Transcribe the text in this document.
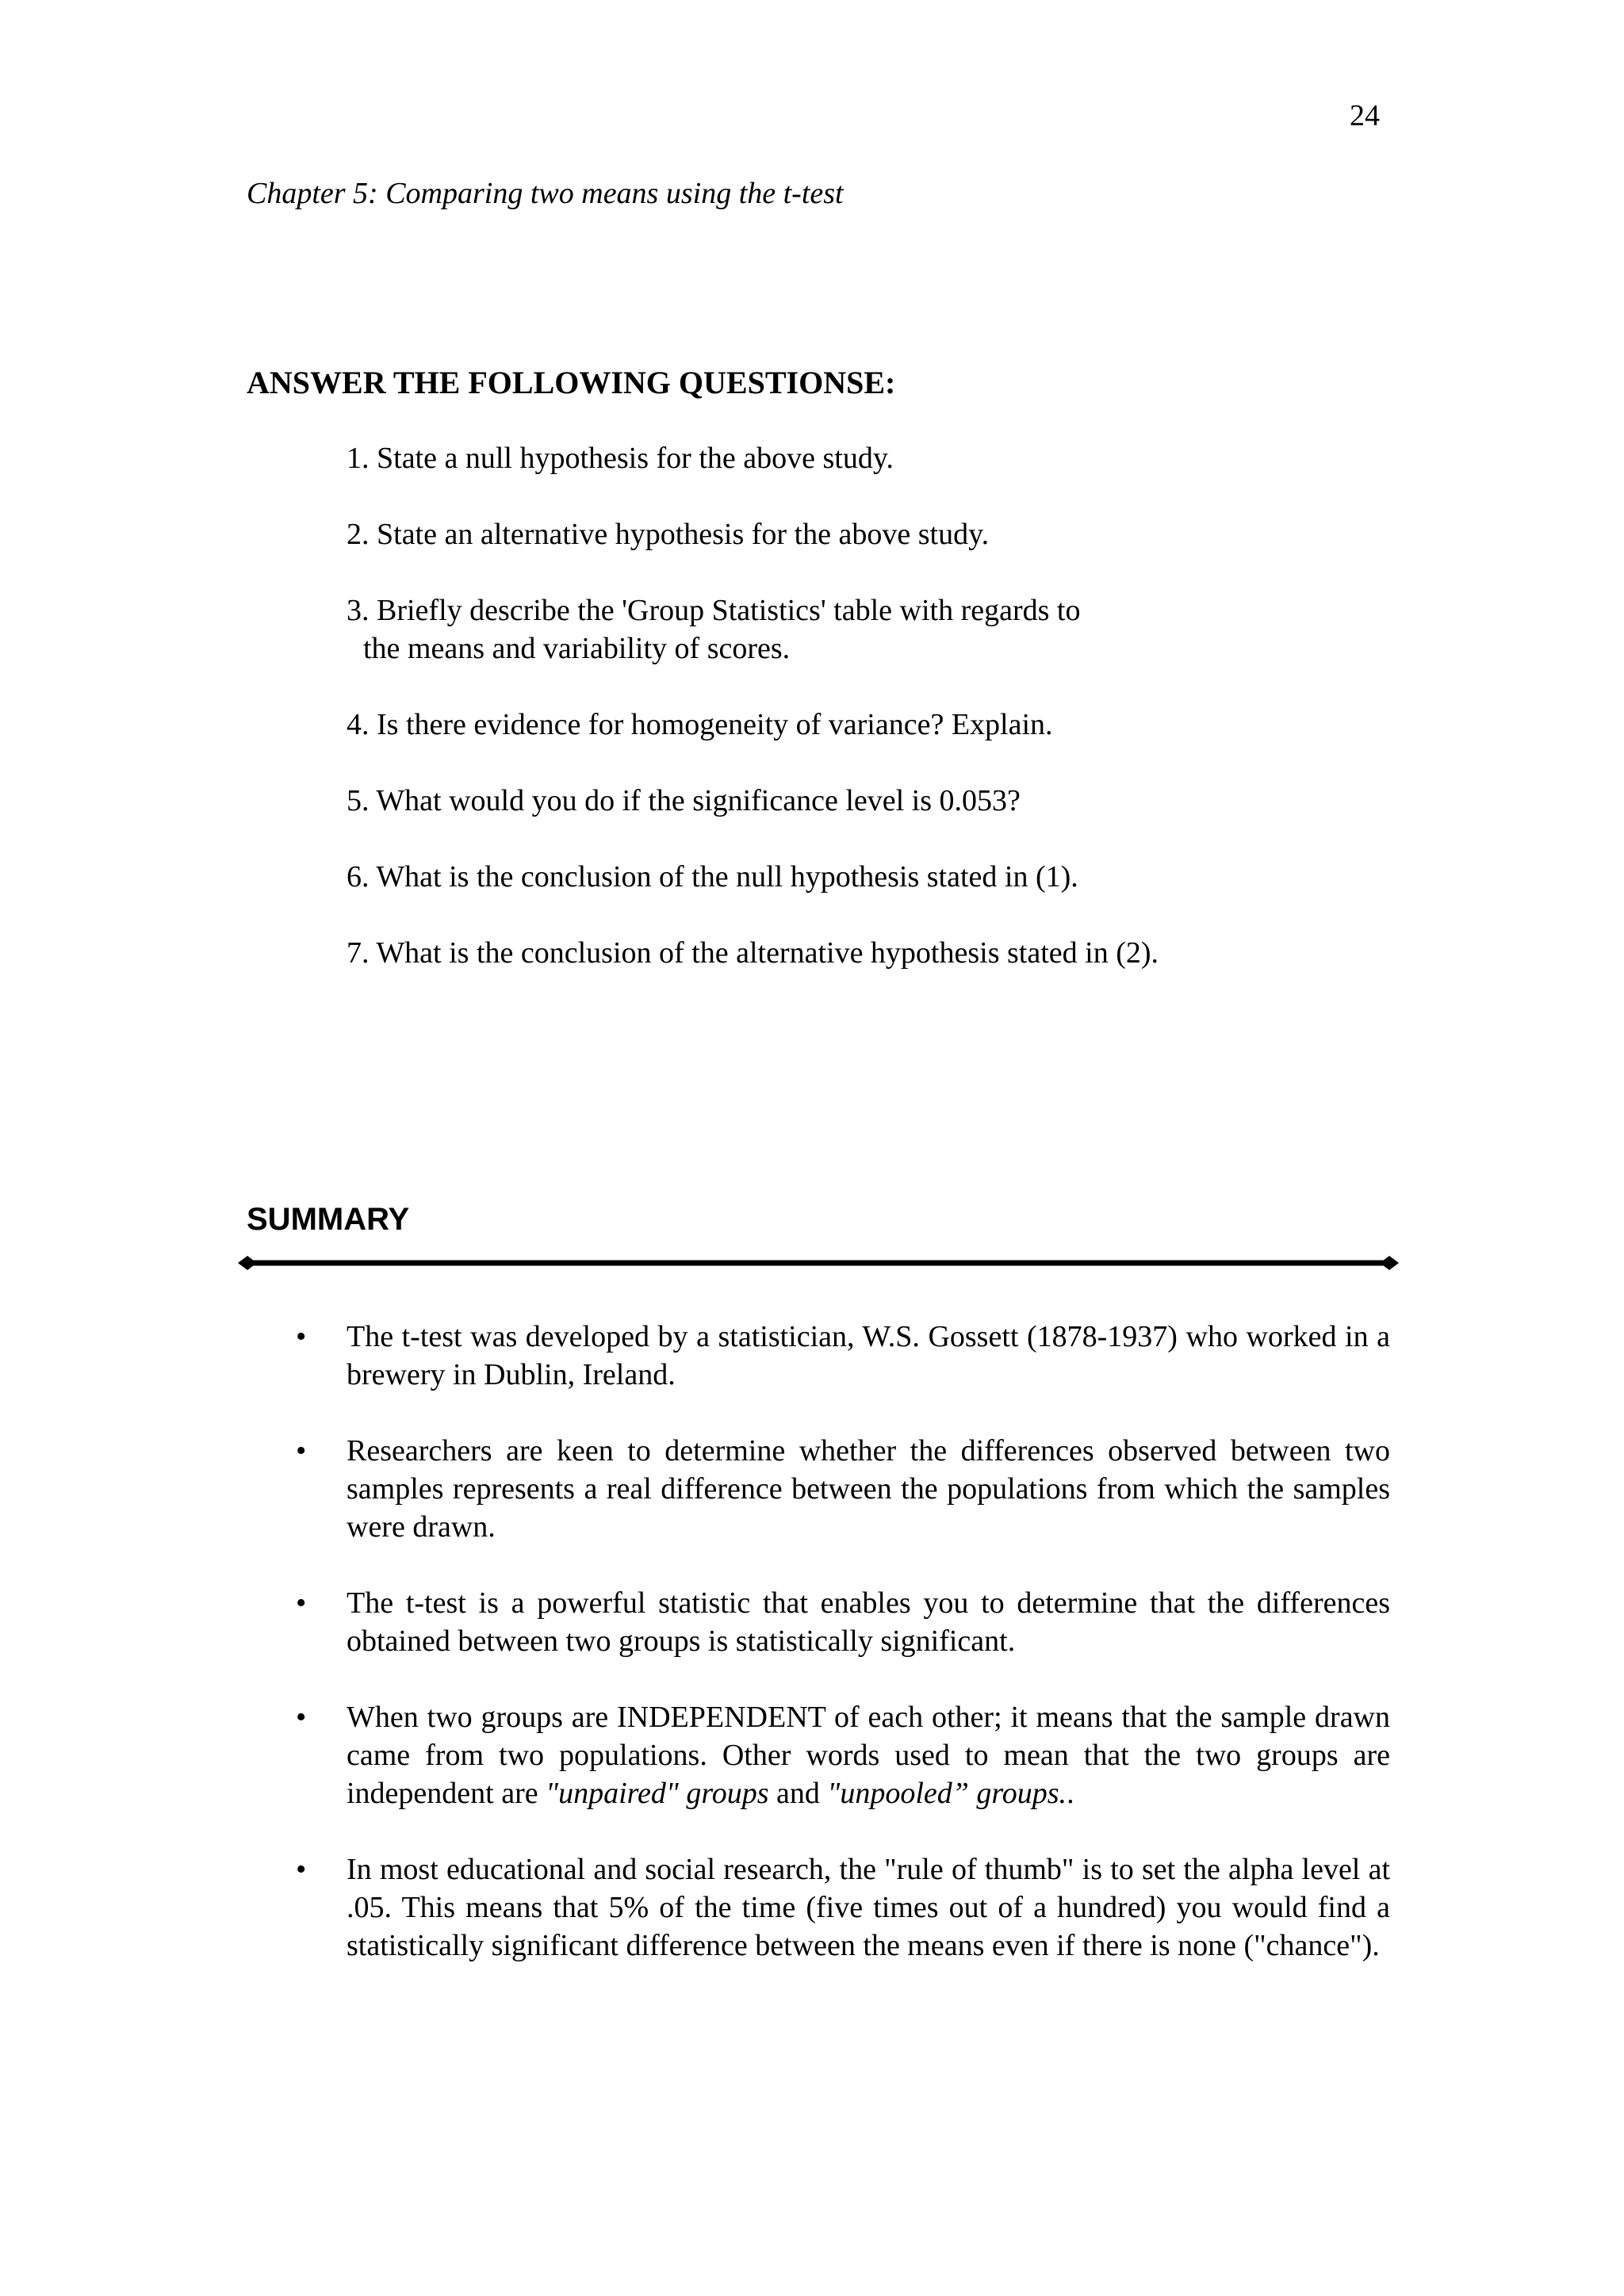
24
Chapter 5: Comparing two means using the t-test
ANSWER THE FOLLOWING QUESTIONSE:
1. State a null hypothesis for the above study.
2. State an alternative hypothesis for the above study.
3. Briefly describe the 'Group Statistics' table with regards to
the means and variability of scores.
4. Is there evidence for homogeneity of variance? Explain.
5. What would you do if the significance level is 0.053?
6. What is the conclusion of the null hypothesis stated in (1).
7. What is the conclusion of the alternative hypothesis stated in (2).
SUMMARY
• The t-test was developed by a statistician, W.S. Gossett (1878-1937) who worked in a brewery in Dublin, Ireland.
• Researchers are keen to determine whether the differences observed between two samples represents a real difference between the populations from which the samples were drawn.
• The t-test is a powerful statistic that enables you to determine that the differences obtained between two groups is statistically significant.
• When two groups are INDEPENDENT of each other; it means that the sample drawn came from two populations. Other words used to mean that the two groups are independent are "unpaired" groups and "unpooled” groups..
• In most educational and social research, the "rule of thumb" is to set the alpha level at .05. This means that 5% of the time (five times out of a hundred) you would find a statistically significant difference between the means even if there is none ("chance").
